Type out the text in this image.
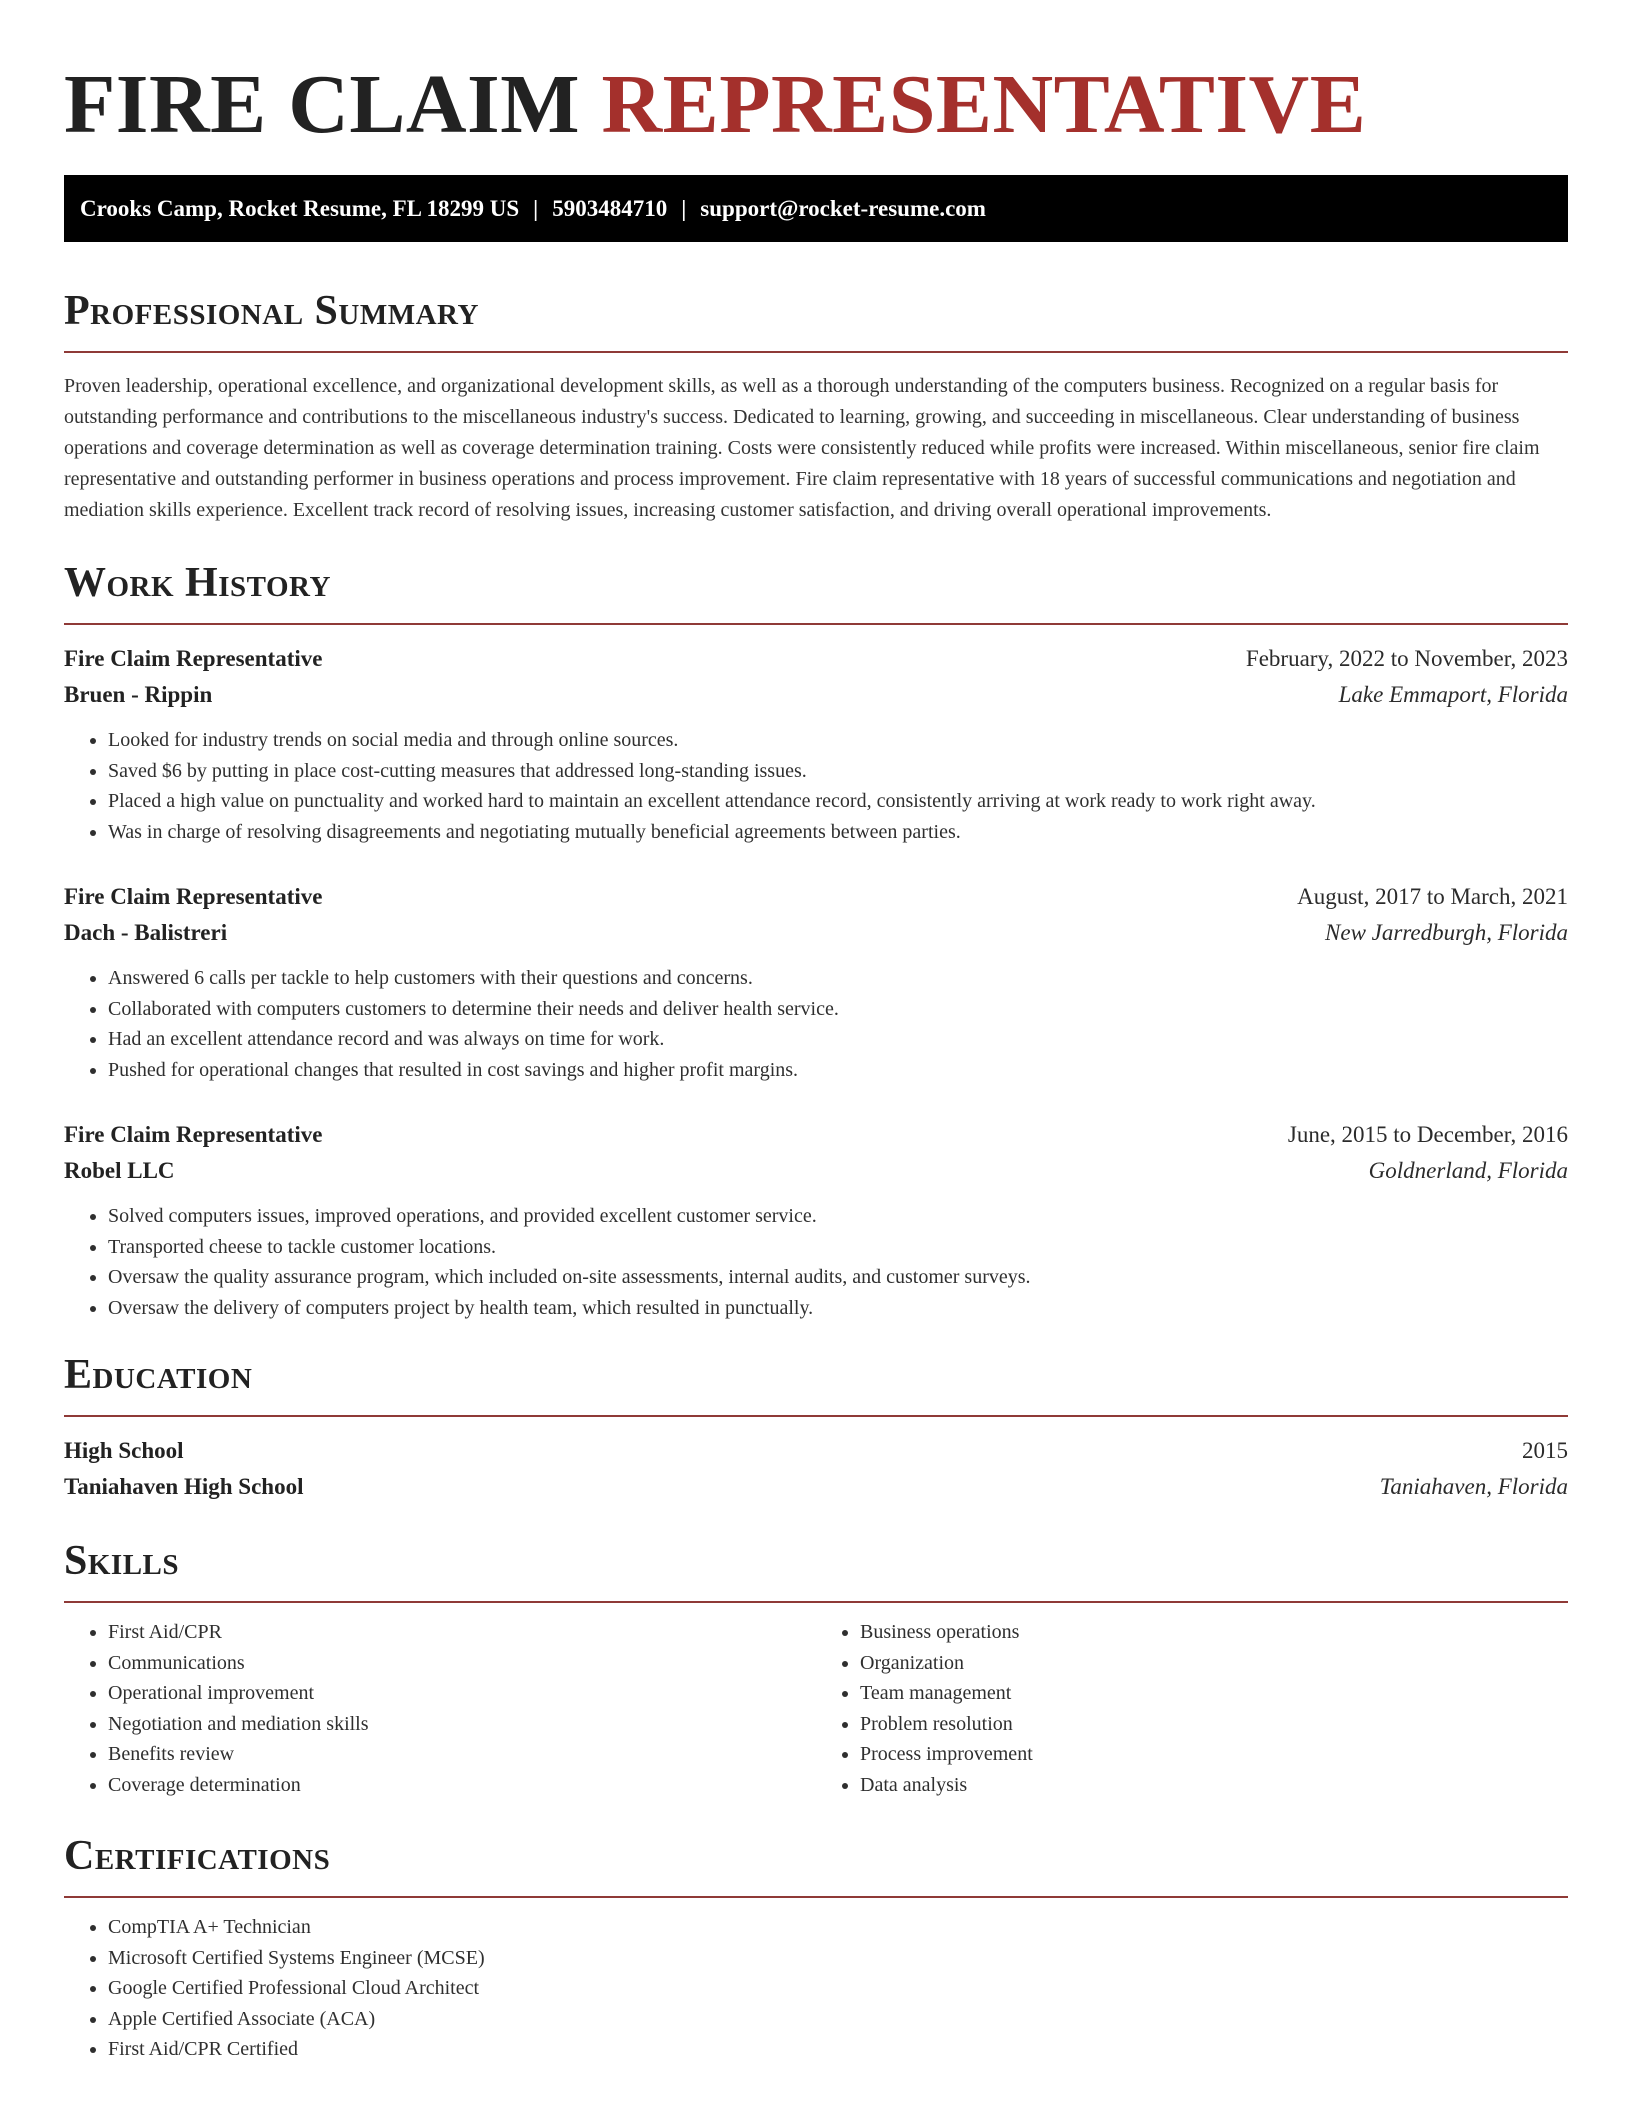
FIRE CLAIM REPRESENTATIVE
Crooks Camp, Rocket Resume, FL 18299 US | 5903484710 | support@rocket-resume.com
Professional Summary

Proven leadership, operational excellence, and organizational development skills, as well as a thorough understanding of the computers business. Recognized on a regular basis for outstanding performance and contributions to the miscellaneous industry's success. Dedicated to learning, growing, and succeeding in miscellaneous. Clear understanding of business operations and coverage determination as well as coverage determination training. Costs were consistently reduced while profits were increased. Within miscellaneous, senior fire claim representative and outstanding performer in business operations and process improvement. Fire claim representative with 18 years of successful communications and negotiation and mediation skills experience. Excellent track record of resolving issues, increasing customer satisfaction, and driving overall operational improvements.

Work History
Fire Claim Representative	February, 2022 to November, 2023
Bruen - Rippin	Lake Emmaport, Florida
• Looked for industry trends on social media and through online sources.
• Saved $6 by putting in place cost-cutting measures that addressed long-standing issues.
• Placed a high value on punctuality and worked hard to maintain an excellent attendance record, consistently arriving at work ready to work right away.
• Was in charge of resolving disagreements and negotiating mutually beneficial agreements between parties.
Fire Claim Representative	August, 2017 to March, 2021
Dach - Balistreri	New Jarredburgh, Florida
• Answered 6 calls per tackle to help customers with their questions and concerns.
• Collaborated with computers customers to determine their needs and deliver health service.
• Had an excellent attendance record and was always on time for work.
• Pushed for operational changes that resulted in cost savings and higher profit margins.
Fire Claim Representative	June, 2015 to December, 2016
Robel LLC	Goldnerland, Florida
• Solved computers issues, improved operations, and provided excellent customer service.
• Transported cheese to tackle customer locations.
• Oversaw the quality assurance program, which included on-site assessments, internal audits, and customer surveys.
• Oversaw the delivery of computers project by health team, which resulted in punctually.
Education
High School	2015
Taniahaven High School	Taniahaven, Florida
Skills
• First Aid/CPR
• Communications
• Operational improvement
• Negotiation and mediation skills
• Benefits review
• Coverage determination
• Business operations
• Organization
• Team management
• Problem resolution
• Process improvement
• Data analysis
Certifications
• CompTIA A+ Technician
• Microsoft Certified Systems Engineer (MCSE)
• Google Certified Professional Cloud Architect
• Apple Certified Associate (ACA)
• First Aid/CPR Certified
